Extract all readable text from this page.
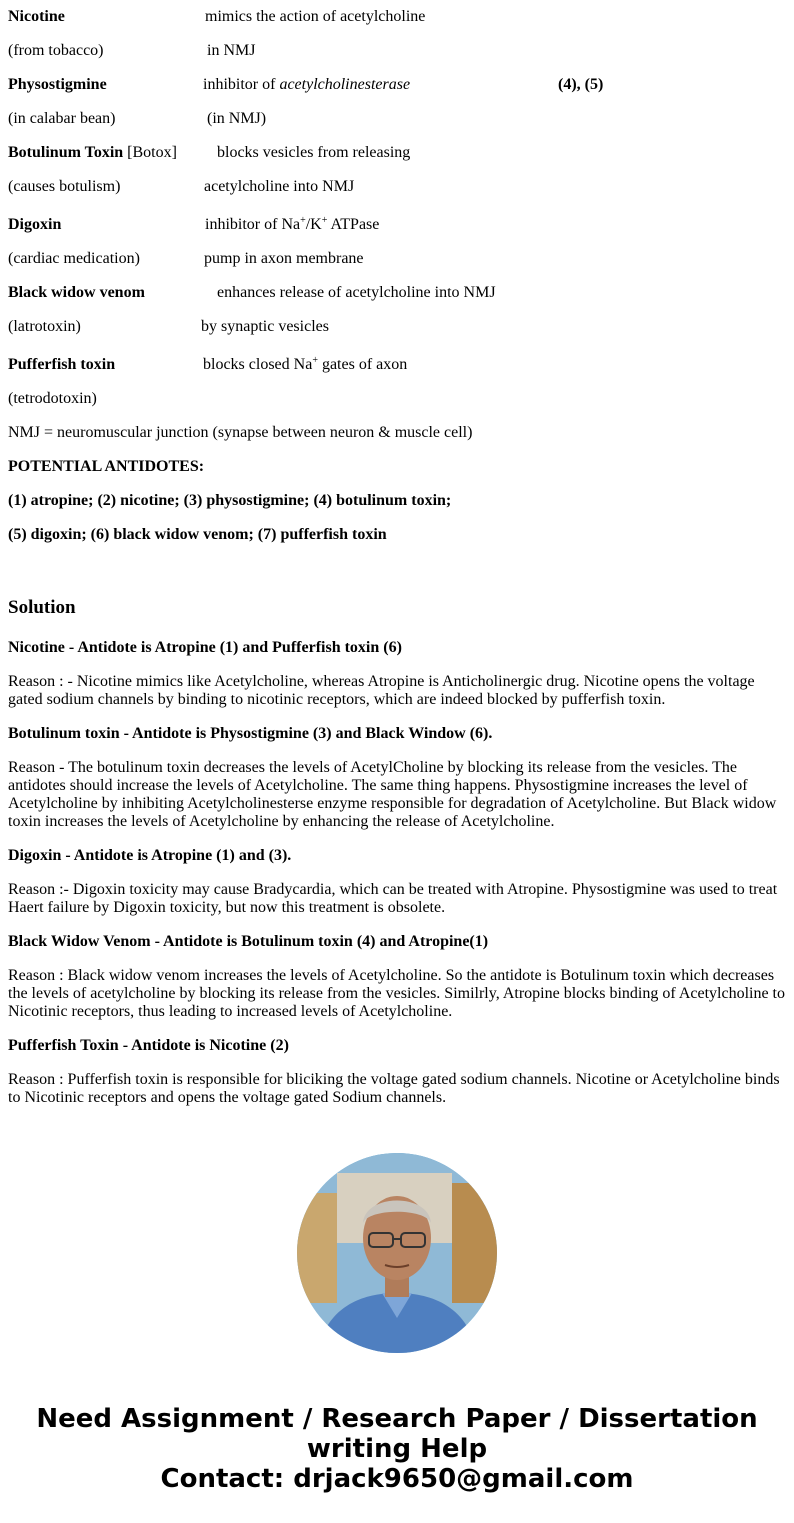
Nicotine	mimics the action of acetylcholine
(from tobacco)	in NMJ
Physostigmine	inhibitor of acetylcholinesterase	(4), (5)
(in calabar bean)	(in NMJ)
Botulinum Toxin [Botox]	blocks vesicles from releasing
(causes botulism)	acetylcholine into NMJ
Digoxin	inhibitor of Na+/K+ ATPase
(cardiac medication)	pump in axon membrane
Black widow venom	enhances release of acetylcholine into NMJ
(latrotoxin)	by synaptic vesicles
Pufferfish toxin	blocks closed Na+ gates of axon
(tetrodotoxin)
NMJ = neuromuscular junction (synapse between neuron & muscle cell)
POTENTIAL ANTIDOTES:
(1) atropine; (2) nicotine; (3) physostigmine; (4) botulinum toxin;
(5) digoxin; (6) black widow venom; (7) pufferfish toxin
Solution
Nicotine - Antidote is Atropine (1) and Pufferfish toxin (6)
Reason : - Nicotine mimics like Acetylcholine, whereas Atropine is Anticholinergic drug. Nicotine opens the voltage gated sodium channels by binding to nicotinic receptors, which are indeed blocked by pufferfish toxin.
Botulinum toxin - Antidote is Physostigmine (3) and Black Window (6).
Reason - The botulinum toxin decreases the levels of AcetylCholine by blocking its release from the vesicles. The antidotes should increase the levels of Acetylcholine. The same thing happens. Physostigmine increases the level of Acetylcholine by inhibiting Acetylcholinesterse enzyme responsible for degradation of Acetylcholine. But Black widow toxin increases the levels of Acetylcholine by enhancing the release of Acetylcholine.
Digoxin - Antidote is Atropine (1) and (3).
Reason :- Digoxin toxicity may cause Bradycardia, which can be treated with Atropine. Physostigmine was used to treat Haert failure by Digoxin toxicity, but now this treatment is obsolete.
Black Widow Venom - Antidote is Botulinum toxin (4) and Atropine(1)
Reason : Black widow venom increases the levels of Acetylcholine. So the antidote is Botulinum toxin which decreases the levels of acetylcholine by blocking its release from the vesicles. Similrly, Atropine blocks binding of Acetylcholine to Nicotinic receptors, thus leading to increased levels of Acetylcholine.
Pufferfish Toxin - Antidote is Nicotine (2)
Reason : Pufferfish toxin is responsible for bliciking the voltage gated sodium channels. Nicotine or Acetylcholine binds to Nicotinic receptors and opens the voltage gated Sodium channels.
Need Assignment / Research Paper / Dissertation
writing Help
Contact: drjack9650@gmail.com
